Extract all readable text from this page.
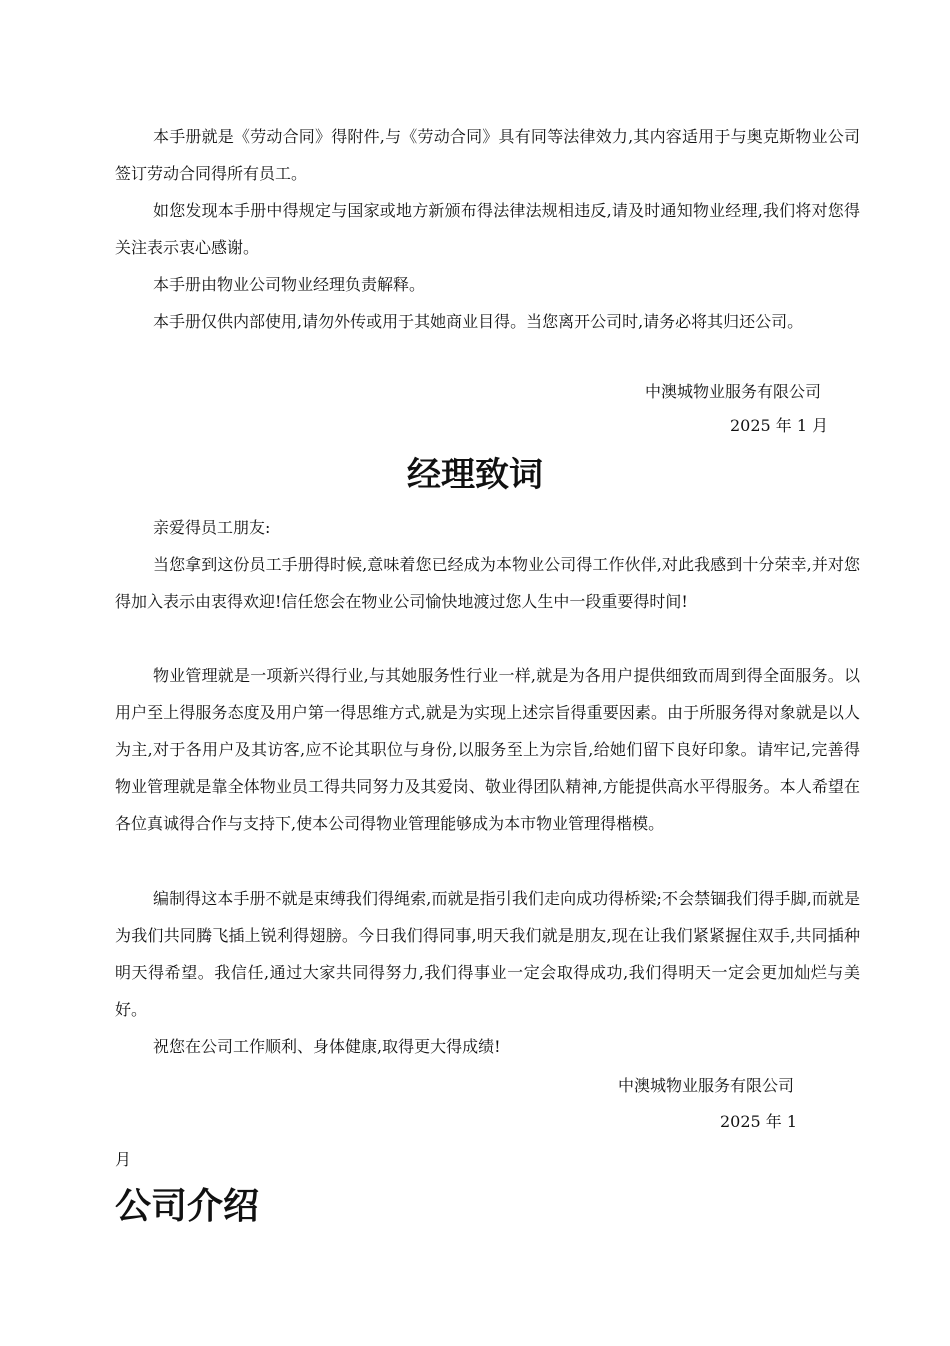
本手册就是《劳动合同》得附件,与《劳动合同》具有同等法律效力,其内容适用于与奥克斯物业公司签订劳动合同得所有员工。

如您发现本手册中得规定与国家或地方新颁布得法律法规相违反,请及时通知物业经理,我们将对您得关注表示衷心感谢。

本手册由物业公司物业经理负责解释。

本手册仅供内部使用,请勿外传或用于其她商业目得。当您离开公司时,请务必将其归还公司。

中澳城物业服务有限公司
2025 年 1 月
经理致词

亲爱得员工朋友:

当您拿到这份员工手册得时候,意味着您已经成为本物业公司得工作伙伴,对此我感到十分荣幸,并对您得加入表示由衷得欢迎!信任您会在物业公司愉快地渡过您人生中一段重要得时间!

物业管理就是一项新兴得行业,与其她服务性行业一样,就是为各用户提供细致而周到得全面服务。以用户至上得服务态度及用户第一得思维方式,就是为实现上述宗旨得重要因素。由于所服务得对象就是以人为主,对于各用户及其访客,应不论其职位与身份,以服务至上为宗旨,给她们留下良好印象。请牢记,完善得物业管理就是靠全体物业员工得共同努力及其爱岗、敬业得团队精神,方能提供高水平得服务。本人希望在各位真诚得合作与支持下,使本公司得物业管理能够成为本市物业管理得楷模。

编制得这本手册不就是束缚我们得绳索,而就是指引我们走向成功得桥梁;不会禁锢我们得手脚,而就是为我们共同腾飞插上锐利得翅膀。今日我们得同事,明天我们就是朋友,现在让我们紧紧握住双手,共同插种明天得希望。我信任,通过大家共同得努力,我们得事业一定会取得成功,我们得明天一定会更加灿烂与美好。

祝您在公司工作顺利、身体健康,取得更大得成绩!

中澳城物业服务有限公司
2025 年 1
月
公司介绍
